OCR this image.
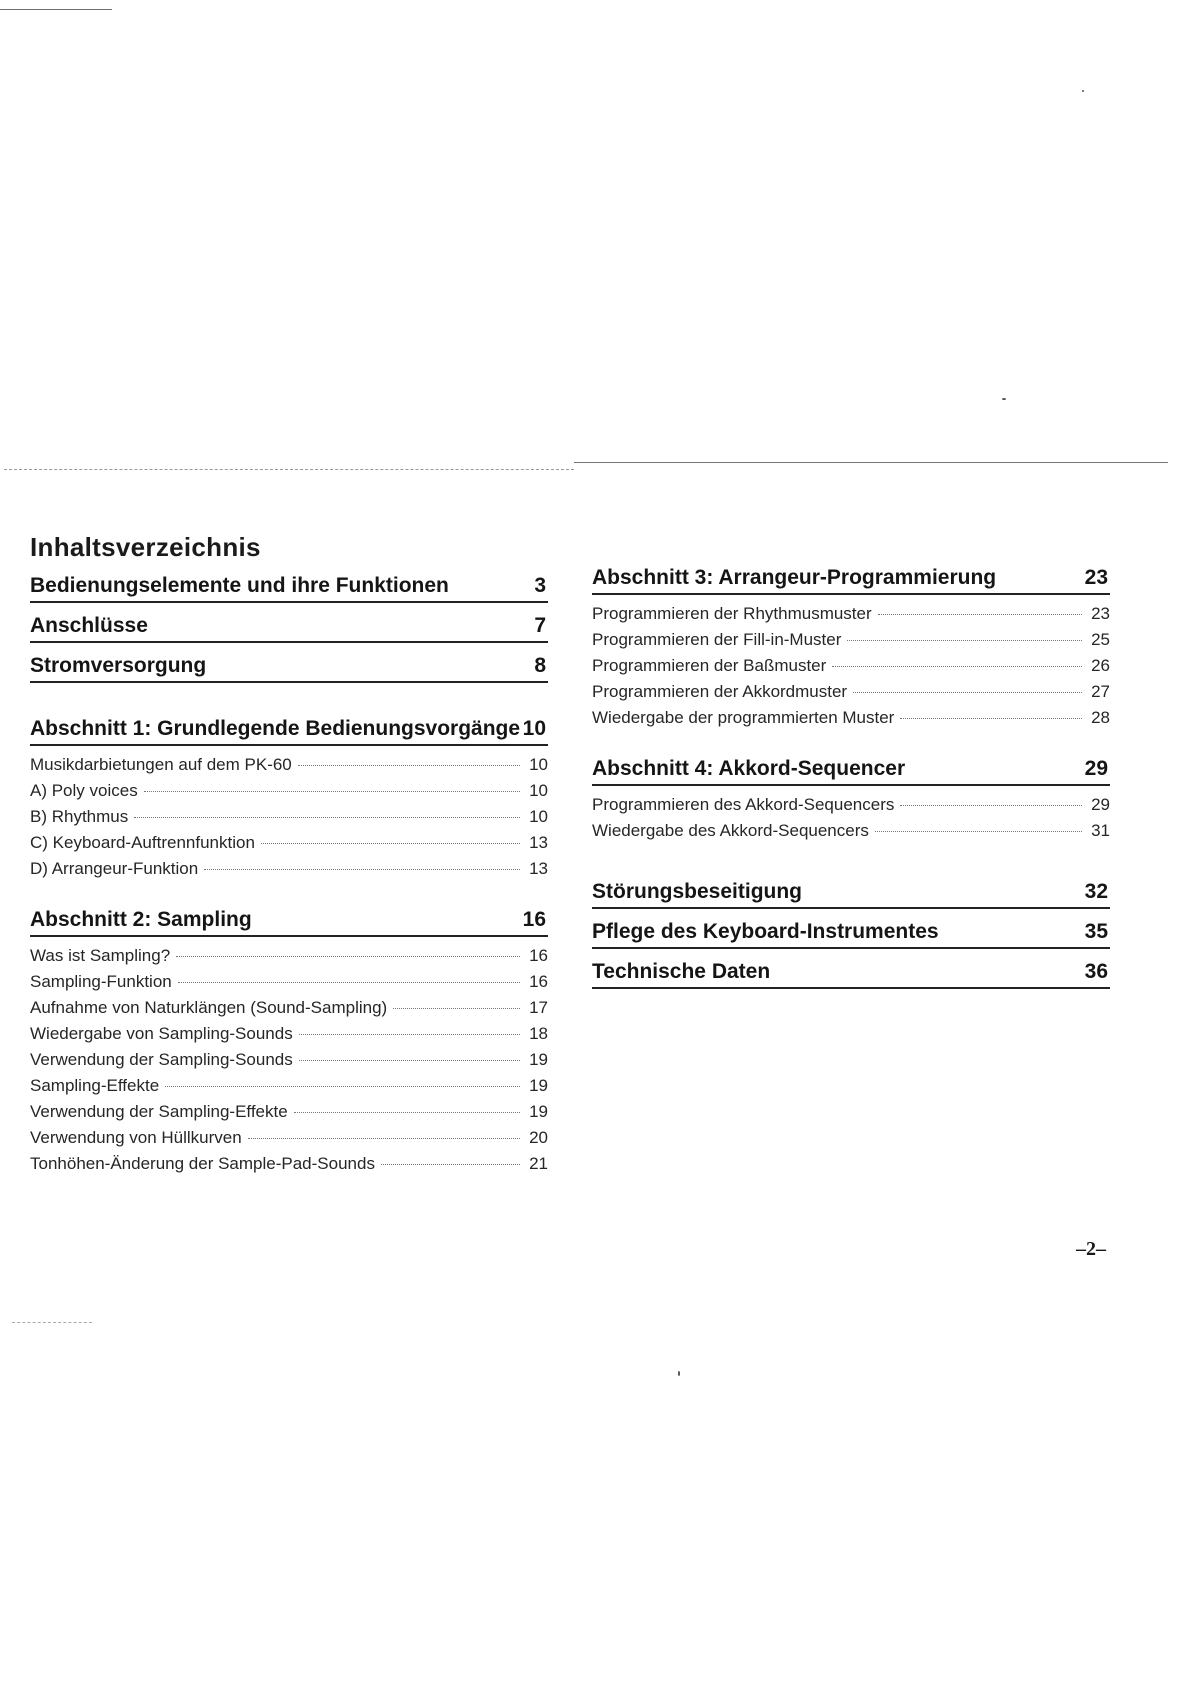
Inhaltsverzeichnis
Bedienungselemente und ihre Funktionen	3
Anschlüsse	7
Stromversorgung	8
Abschnitt 1: Grundlegende Bedienungsvorgänge 10
Musikdarbietungen auf dem PK-60	10
A) Poly voices	10
B) Rhythmus	10
C) Keyboard-Auftrennfunktion	13
D) Arrangeur-Funktion	13
Abschnitt 2: Sampling	16
Was ist Sampling?	16
Sampling-Funktion	16
Aufnahme von Naturklängen (Sound-Sampling)	17
Wiedergabe von Sampling-Sounds	18
Verwendung der Sampling-Sounds	19
Sampling-Effekte	19
Verwendung der Sampling-Effekte	19
Verwendung von Hüllkurven	20
Tonhöhen-Änderung der Sample-Pad-Sounds	21
Abschnitt 3: Arrangeur-Programmierung	23
Programmieren der Rhythmusmuster	23
Programmieren der Fill-in-Muster	25
Programmieren der Baßmuster	26
Programmieren der Akkordmuster	27
Wiedergabe der programmierten Muster	28
Abschnitt 4: Akkord-Sequencer	29
Programmieren des Akkord-Sequencers	29
Wiedergabe des Akkord-Sequencers	31
Störungsbeseitigung	32
Pflege des Keyboard-Instrumentes	35
Technische Daten	36
–2–
